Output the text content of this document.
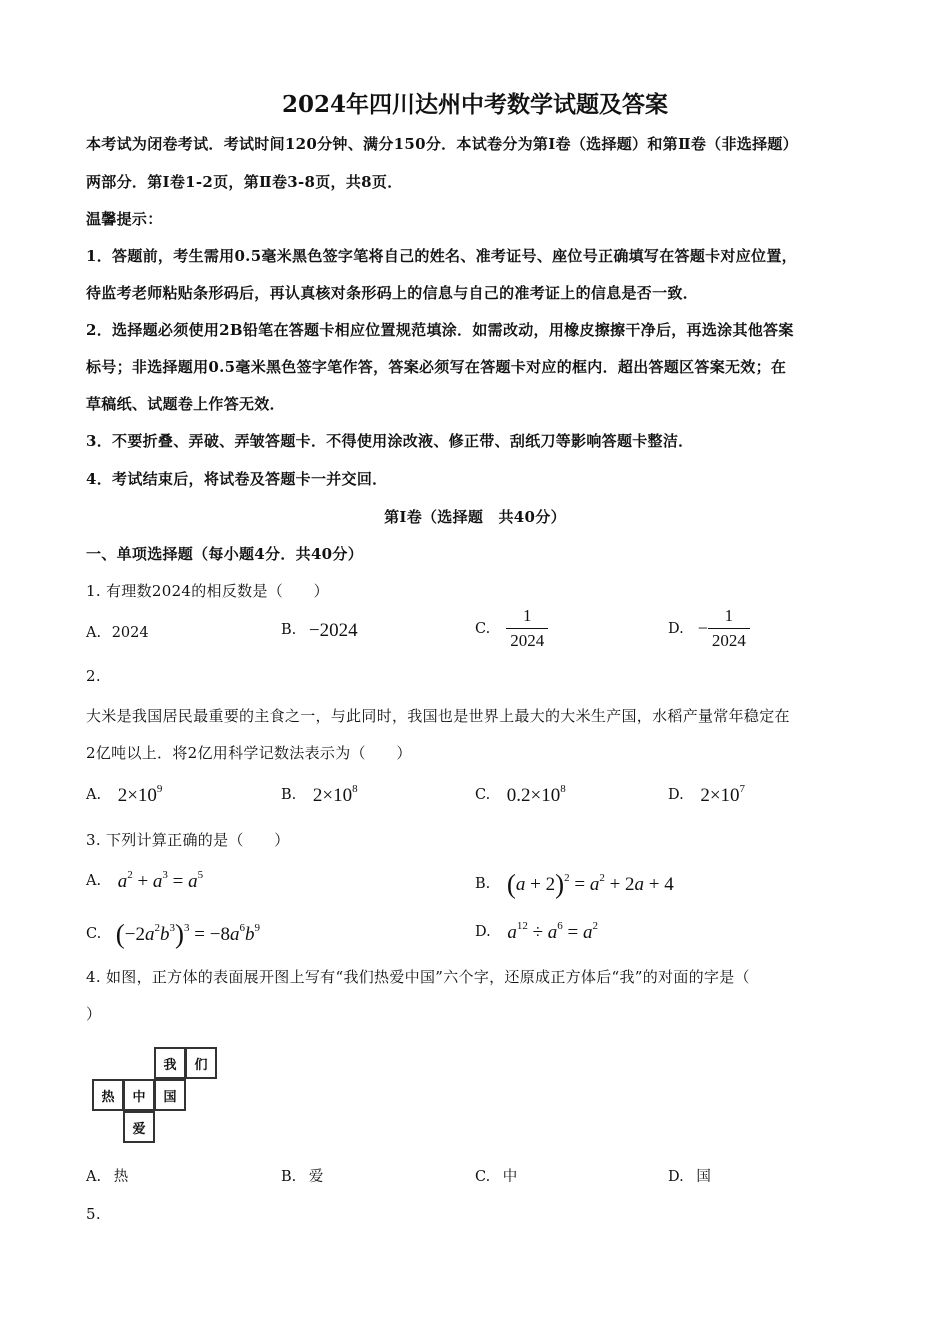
2024年四川达州中考数学试题及答案
本考试为闭卷考试．考试时间120分钟、满分150分．本试卷分为第Ⅰ卷（选择题）和第Ⅱ卷（非选择题）
两部分．第Ⅰ卷1-2页，第Ⅱ卷3-8页，共8页．
温馨提示：
1．答题前，考生需用0.5毫米黑色签字笔将自己的姓名、准考证号、座位号正确填写在答题卡对应位置，
待监考老师粘贴条形码后，再认真核对条形码上的信息与自己的准考证上的信息是否一致．
2．选择题必须使用2B铅笔在答题卡相应位置规范填涂．如需改动，用橡皮擦擦干净后，再选涂其他答案
标号；非选择题用0.5毫米黑色签字笔作答，答案必须写在答题卡对应的框内．超出答题区答案无效；在
草稿纸、试题卷上作答无效．
3．不要折叠、弄破、弄皱答题卡．不得使用涂改液、修正带、刮纸刀等影响答题卡整洁．
4．考试结束后，将试卷及答题卡一并交回．
第Ⅰ卷（选择题　共40分）
一、单项选择题（每小题4分．共40分）
1. 有理数2024的相反数是（　　）
A. 2024	B. −2024	C. $\frac{1}{2024}$	D. − $\frac{1}{2024}$
2.
大米是我国居民最重要的主食之一，与此同时，我国也是世界上最大的大米生产国，水稻产量常年稳定在
2亿吨以上．将2亿用科学记数法表示为（　　）
A. $2\times 10^9$	B. $2\times 10^8$	C. $0.2\times 10^8$	D. $2\times 10^7$
3. 下列计算正确的是（　　）
A. $a^2 + a^3 = a^5$
B. $(a + 2)^2 = a^2 + 2a + 4$
C. $(-2a^2b^3)^3 = -8a^6b^9$	D. $a^{12} \div a^6 = a^2$
4. 如图，正方体的表面展开图上写有“我们热爱中国”六个字，还原成正方体后“我”的对面的字是（
）
我	们
热	中	国
爱
A. 热	B. 爱	C. 中	D. 国
5.
